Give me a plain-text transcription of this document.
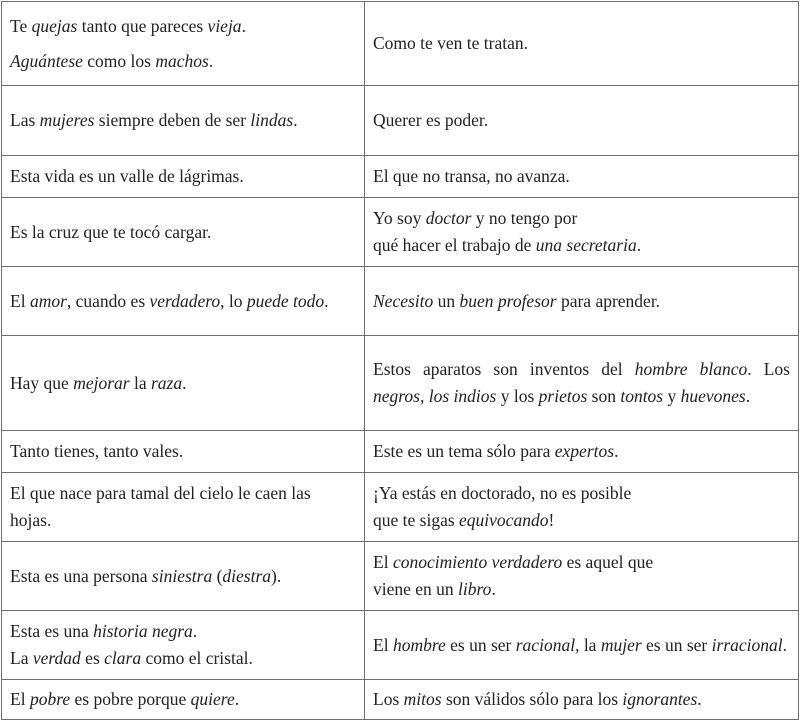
Te quejas tanto que pareces vieja.
Aguántese como los machos.	Como te ven te tratan.

Las mujeres siempre deben de ser lindas.	Querer es poder.

Esta vida es un valle de lágrimas.	El que no transa, no avanza.

Es la cruz que te tocó cargar.	Yo soy doctor y no tengo por
qué hacer el trabajo de una secretaria.

El amor, cuando es verdadero, lo puede todo.	Necesito un buen profesor para aprender.

Hay que mejorar la raza.	Estos aparatos son inventos del hombre blanco. Los negros, los indios y los prietos son tontos y huevones.

Tanto tienes, tanto vales.	Este es un tema sólo para expertos.

El que nace para tamal del cielo le caen las hojas.	¡Ya estás en doctorado, no es posible
que te sigas equivocando!

Esta es una persona siniestra (diestra).	El conocimiento verdadero es aquel que
viene en un libro.

Esta es una historia negra.
La verdad es clara como el cristal.	El hombre es un ser racional, la mujer es un ser irracional.

El pobre es pobre porque quiere.	Los mitos son válidos sólo para los ignorantes.
